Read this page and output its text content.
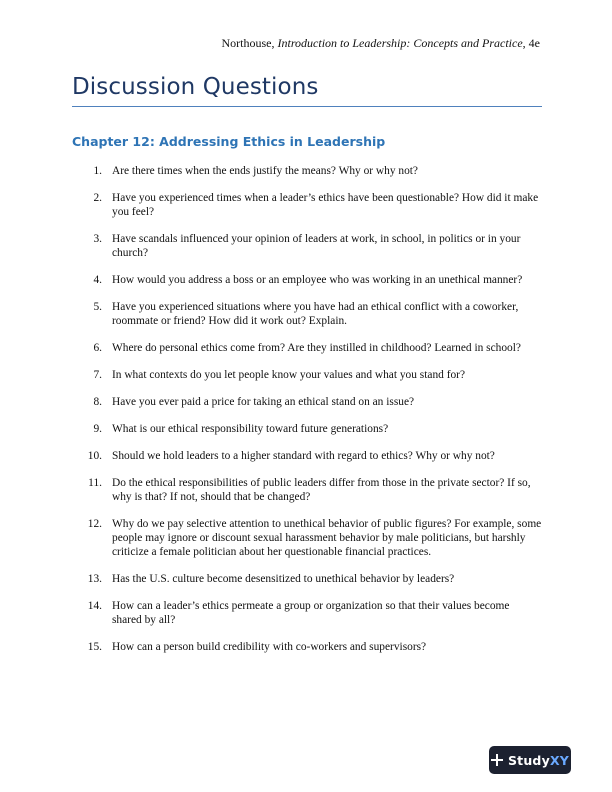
Northouse, Introduction to Leadership: Concepts and Practice, 4e
Discussion Questions
Chapter 12: Addressing Ethics in Leadership
1. Are there times when the ends justify the means? Why or why not?
2. Have you experienced times when a leader’s ethics have been questionable? How did it make you feel?
3. Have scandals influenced your opinion of leaders at work, in school, in politics or in your church?
4. How would you address a boss or an employee who was working in an unethical manner?
5. Have you experienced situations where you have had an ethical conflict with a coworker, roommate or friend? How did it work out? Explain.
6. Where do personal ethics come from? Are they instilled in childhood? Learned in school?
7. In what contexts do you let people know your values and what you stand for?
8. Have you ever paid a price for taking an ethical stand on an issue?
9. What is our ethical responsibility toward future generations?
10. Should we hold leaders to a higher standard with regard to ethics? Why or why not?
11. Do the ethical responsibilities of public leaders differ from those in the private sector? If so, why is that? If not, should that be changed?
12. Why do we pay selective attention to unethical behavior of public figures? For example, some people may ignore or discount sexual harassment behavior by male politicians, but harshly criticize a female politician about her questionable financial practices.
13. Has the U.S. culture become desensitized to unethical behavior by leaders?
14. How can a leader’s ethics permeate a group or organization so that their values become shared by all?
15. How can a person build credibility with co-workers and supervisors?
StudyXY
